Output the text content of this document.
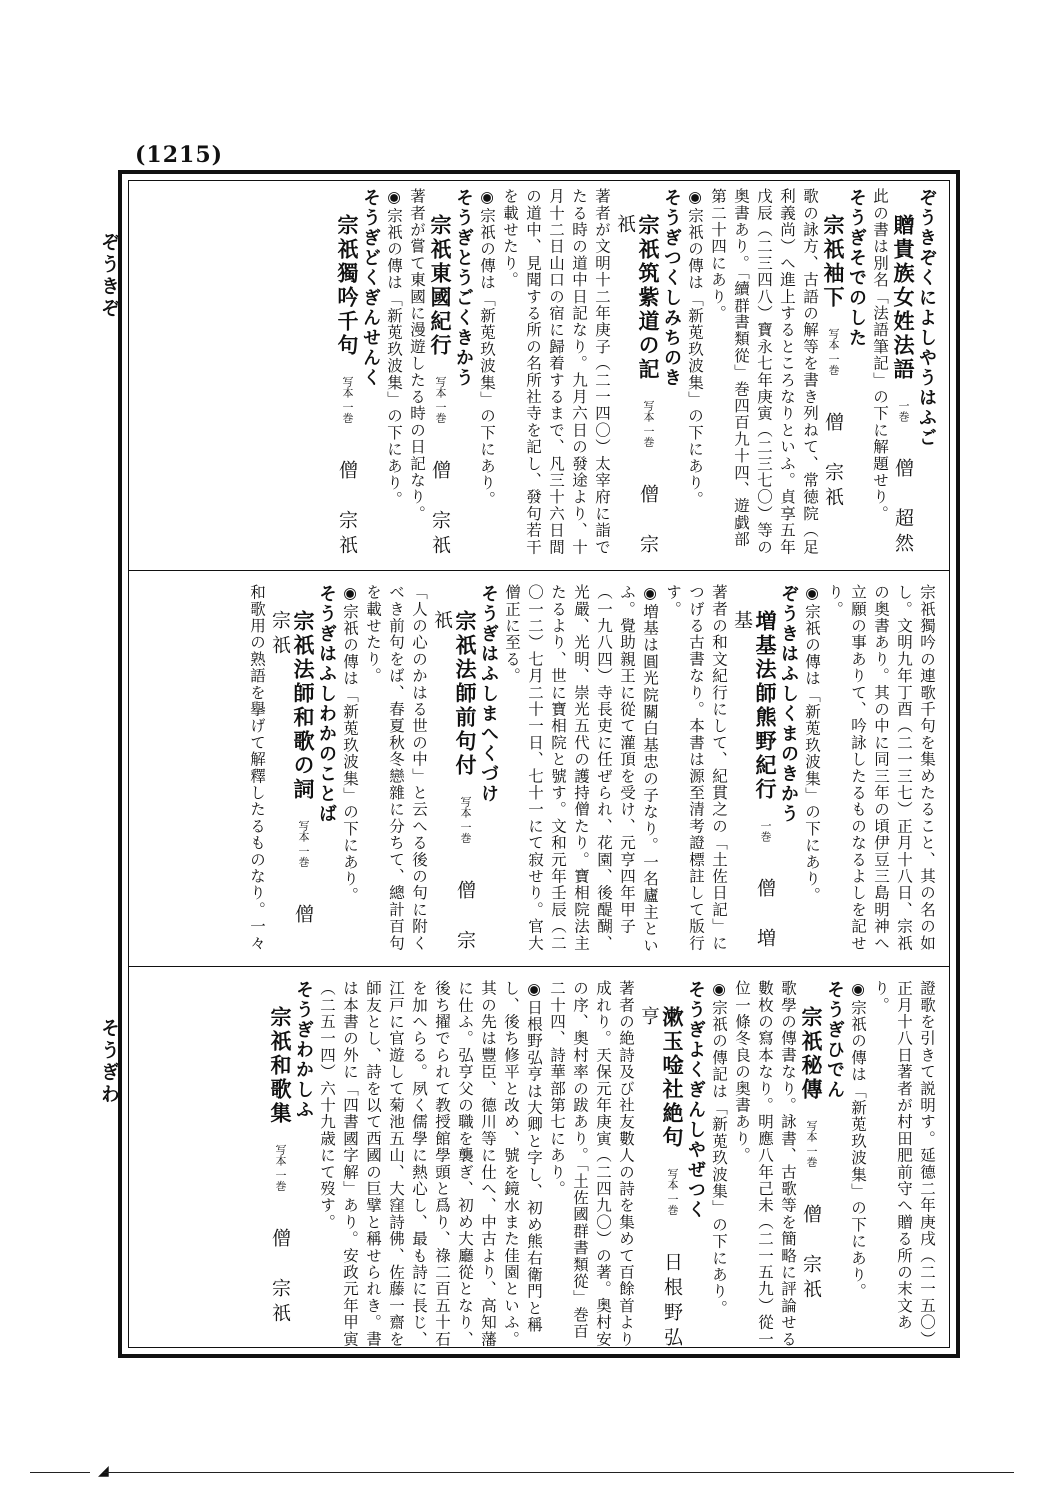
(1215)
ぞうきぞ
そうぎわ
ぞうきぞくによしやうはふご
贈貴族女姓法語一巻僧　超然
此の書は別名「法語筆記」の下に解題せり。
そうぎそでのした
宗祇袖下写本 一巻僧　宗祇
歌の詠方、古語の解等を書き列ねて、常徳院（足利義尚）へ進上するところなりといふ。貞享五年戊辰（二三四八）寶永七年庚寅（二三七〇）等の奥書あり。「續群書類從」巻四百九十四、遊戯部第二十四にあり。
◉宗祇の傳は「新莵玖波集」の下にあり。
そうぎつくしみちのき
宗祇筑紫道の記写本 一巻僧　宗祇
著者が文明十二年庚子（二一四〇）太宰府に詣でたる時の道中日記なり。九月六日の發途より、十月十二日山口の宿に歸着するまで、凡三十六日間の道中、見聞する所の名所社寺を記し、發句若干を載せたり。
◉宗祇の傳は「新莵玖波集」の下にあり。
そうぎとうごくきかう
宗祇東國紀行写本 一巻僧　宗祇
著者が嘗て東國に漫遊したる時の日記なり。
◉宗祇の傳は「新莵玖波集」の下にあり。
そうぎどくぎんせんく
宗祇獨吟千句写本 一巻僧　宗祇
宗祇獨吟の連歌千句を集めたること、其の名の如し。文明九年丁酉（二一三七）正月十八日、宗祇の奥書あり。其の中に同三年の頃伊豆三島明神へ立願の事ありて、吟詠したるものなるよしを記せり。
◉宗祇の傳は「新莵玖波集」の下にあり。
ぞうきはふしくまのきかう
増基法師熊野紀行一巻僧　増基
著者の和文紀行にして、紀貫之の「土佐日記」につげる古書なり。本書は源至清考證標註して版行す。
◉増基は圓光院關白基忠の子なり。一名廬主といふ。覺助親王に從て灌頂を受け、元亨四年甲子（一九八四）寺長吏に任ぜられ、花園、後醍醐、光嚴、光明、崇光五代の護持僧たり。寶相院法主たるより、世に寶相院と號す。文和元年壬辰（二〇一二）七月二十一日、七十一にて寂せり。官大僧正に至る。
そうぎはふしまへくづけ
宗祇法師前句付写本 一巻僧　宗祇
「人の心のかはる世の中」と云へる後の句に附くべき前句をば、春夏秋冬戀雜に分ちて、總計百句を載せたり。
◉宗祇の傳は「新莵玖波集」の下にあり。
そうぎはふしわかのことば
宗祇法師和歌の詞写本 一巻僧　宗祇
和歌用の熟語を擧げて解釋したるものなり。一々
證歌を引きて説明す。延德二年庚戌（二一五〇）正月十八日著者が村田肥前守へ贈る所の末文あり。
◉宗祇の傳は「新莵玖波集」の下にあり。
そうぎひでん
宗祇秘傳写本 一巻僧　宗祇
歌學の傳書なり。詠書、古歌等を簡略に評論せる數枚の寫本なり。明應八年己未（二一五九）從一位一條冬良の奥書あり。
◉宗祇の傳記は「新莵玖波集」の下にあり。
そうぎよくぎんしやぜつく
漱玉唫社絶句写本 一巻日根野弘亨
著者の絶詩及び社友數人の詩を集めて百餘首より成れり。天保元年庚寅（二四九〇）の著。奥村安の序、奥村率の跋あり。「土佐國群書類從」巻百二十四、詩華部第七にあり。
◉日根野弘亨は大卿と字し、初め熊右衛門と稱し、後ち修平と改め、號を鏡水また佳園といふ。其の先は豐臣、德川等に仕へ、中古より、高知藩に仕ふ。弘亨父の職を襲ぎ、初め大廳從となり、後ち擢でられて教授館學頭と爲り、祿二百五十石を加へらる。夙く儒學に熱心し、最も詩に長じ、江戸に官遊して菊池五山、大窪詩佛、佐藤一齋を師友とし、詩を以て西國の巨擘と稱せられき。書は本書の外に「四書國字解」あり。安政元年甲寅（二五一四）六十九歳にて歿す。
そうぎわかしふ
宗祇和歌集写本 一巻僧　宗祇
◢
